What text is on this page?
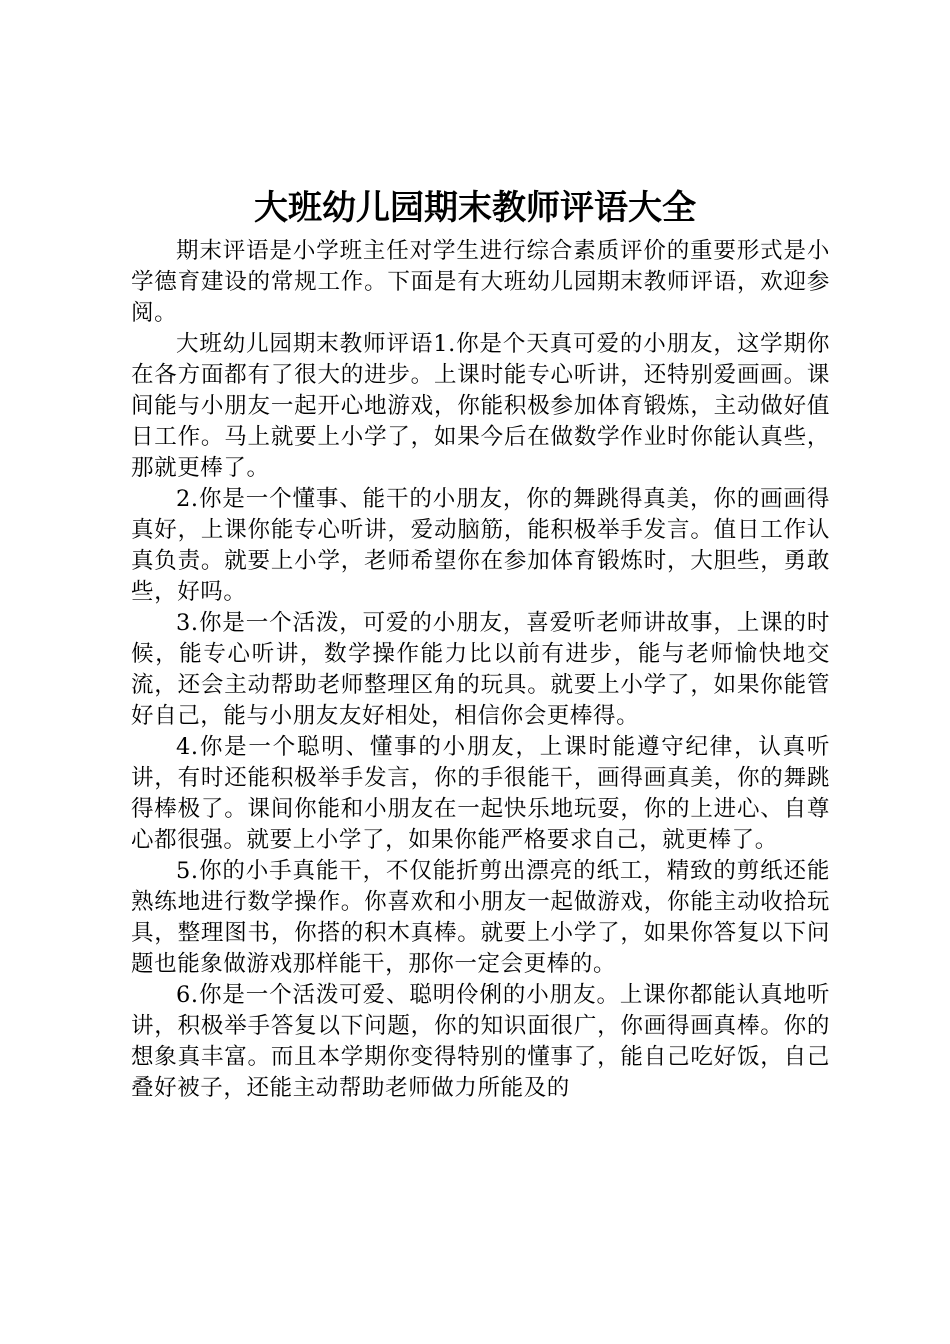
大班幼儿园期末教师评语大全

期末评语是小学班主任对学生进行综合素质评价的重要形式是小学德育建设的常规工作。下面是有大班幼儿园期末教师评语，欢迎参阅。

大班幼儿园期末教师评语1.你是个天真可爱的小朋友，这学期你在各方面都有了很大的进步。上课时能专心听讲，还特别爱画画。课间能与小朋友一起开心地游戏，你能积极参加体育锻炼，主动做好值日工作。马上就要上小学了，如果今后在做数学作业时你能认真些，那就更棒了。

2.你是一个懂事、能干的小朋友，你的舞跳得真美，你的画画得真好，上课你能专心听讲，爱动脑筋，能积极举手发言。值日工作认真负责。就要上小学，老师希望你在参加体育锻炼时，大胆些，勇敢些，好吗。

3.你是一个活泼，可爱的小朋友，喜爱听老师讲故事，上课的时候，能专心听讲，数学操作能力比以前有进步，能与老师愉快地交流，还会主动帮助老师整理区角的玩具。就要上小学了，如果你能管好自己，能与小朋友友好相处，相信你会更棒得。

4.你是一个聪明、懂事的小朋友，上课时能遵守纪律，认真听讲，有时还能积极举手发言，你的手很能干，画得画真美，你的舞跳得棒极了。课间你能和小朋友在一起快乐地玩耍，你的上进心、自尊心都很强。就要上小学了，如果你能严格要求自己，就更棒了。

5.你的小手真能干，不仅能折剪出漂亮的纸工，精致的剪纸还能熟练地进行数学操作。你喜欢和小朋友一起做游戏，你能主动收拾玩具，整理图书，你搭的积木真棒。就要上小学了，如果你答复以下问题也能象做游戏那样能干，那你一定会更棒的。

6.你是一个活泼可爱、聪明伶俐的小朋友。上课你都能认真地听讲，积极举手答复以下问题，你的知识面很广，你画得画真棒。你的想象真丰富。而且本学期你变得特别的懂事了，能自己吃好饭，自己叠好被子，还能主动帮助老师做力所能及的
